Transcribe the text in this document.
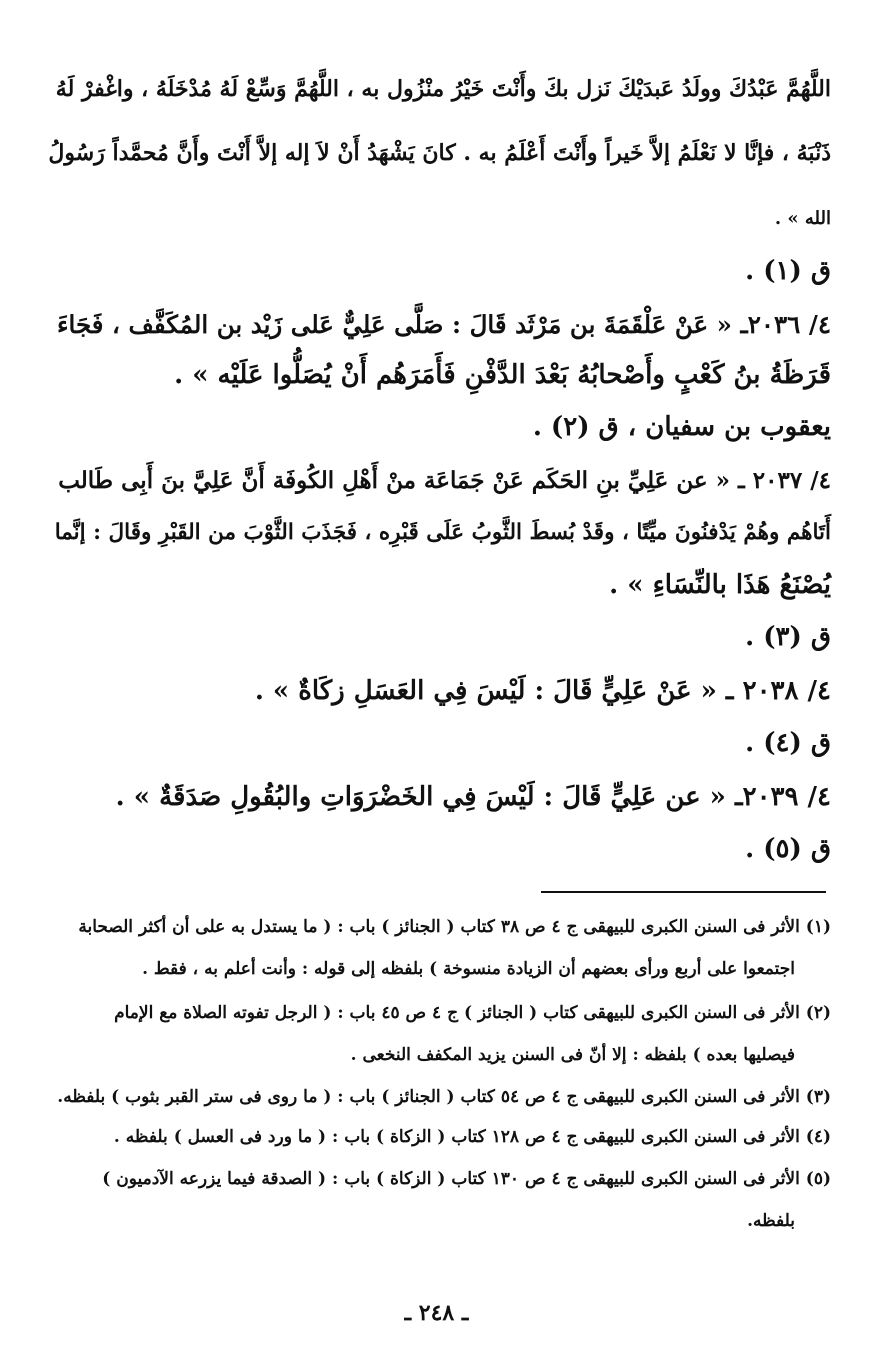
اللَّهُمَّ عَبْدُكَ وولَدُ عَبدَيْكَ نَزل بكَ وأَنْتَ خَيْرُ منْزُول به ، اللَّهُمَّ وَسِّعْ لَهُ مُدْخَلَهُ ، واغْفرْ لَهُ
ذَنْبَهُ ، فإنَّا لا نَعْلَمُ إلاَّ خَيراً وأَنْتَ أَعْلَمُ به . كانَ يَشْهَدُ أَنْ لاَ إله إلاَّ أَنْتَ وأَنَّ مُحمَّداً رَسُولُ
الله » .
ق (١) .
٤/ ٢٠٣٦ـ « عَنْ عَلْقَمَةَ بن مَرْثَد قَالَ : صَلَّى عَلِيٌّ عَلى زَيْد بن المُكَفَّف ، فَجَاءَ
قَرَظَةُ بنُ كَعْبٍ وأَصْحابُهُ بَعْدَ الدَّفْنِ فَأَمَرَهُم أَنْ يُصَلُّوا عَلَيْه » .
يعقوب بن سفيان ، ق (٢) .
٤/ ٢٠٣٧ ـ « عن عَلِيِّ بنِ الحَكَم عَنْ جَمَاعَة منْ أَهْلِ الكُوفَة أَنَّ عَلِيَّ بنَ أَبِى طَالب
أَتَاهُم وهُمْ يَدْفنُونَ ميِّتًا ، وقَدْ بُسطَ الثَّوبُ عَلَى قَبْرِه ، فَجَذَبَ الثَّوْبَ من القَبْرِ وقَالَ : إنَّما
يُصْنَعُ هَذَا بالنِّسَاءِ » .
ق (٣) .
٤/ ٢٠٣٨ ـ « عَنْ عَلِيٍّ قَالَ : لَيْسَ فِي العَسَلِ زكَاةٌ » .
ق (٤) .
٤/ ٢٠٣٩ـ « عن عَلِيٍّ قَالَ : لَيْسَ فِي الخَضْرَوَاتِ والبُقُولِ صَدَقَةٌ » .
ق (٥) .
(١) الأثر فى السنن الكبرى للبيهقى ج ٤ ص ٣٨ كتاب ( الجنائز ) باب : ( ما يستدل به على أن أكثر الصحابة
اجتمعوا على أربع ورأى بعضهم أن الزيادة منسوخة ) بلفظه إلى قوله : وأنت أعلم به ، فقط .
(٢) الأثر فى السنن الكبرى للبيهقى كتاب ( الجنائز ) ج ٤ ص ٤٥ باب : ( الرجل تفوته الصلاة مع الإمام
فيصليها بعده ) بلفظه : إلا أنّ فى السنن يزيد المكفف النخعى .
(٣) الأثر فى السنن الكبرى للبيهقى ج ٤ ص ٥٤ كتاب ( الجنائز ) باب : ( ما روى فى ستر القبر بثوب ) بلفظه.
(٤) الأثر فى السنن الكبرى للبيهقى ج ٤ ص ١٢٨ كتاب ( الزكاة ) باب : ( ما ورد فى العسل ) بلفظه .
(٥) الأثر فى السنن الكبرى للبيهقى ج ٤ ص ١٣٠ كتاب ( الزكاة ) باب : ( الصدقة فيما يزرعه الآدميون )
بلفظه.
ـ ٢٤٨ ـ
